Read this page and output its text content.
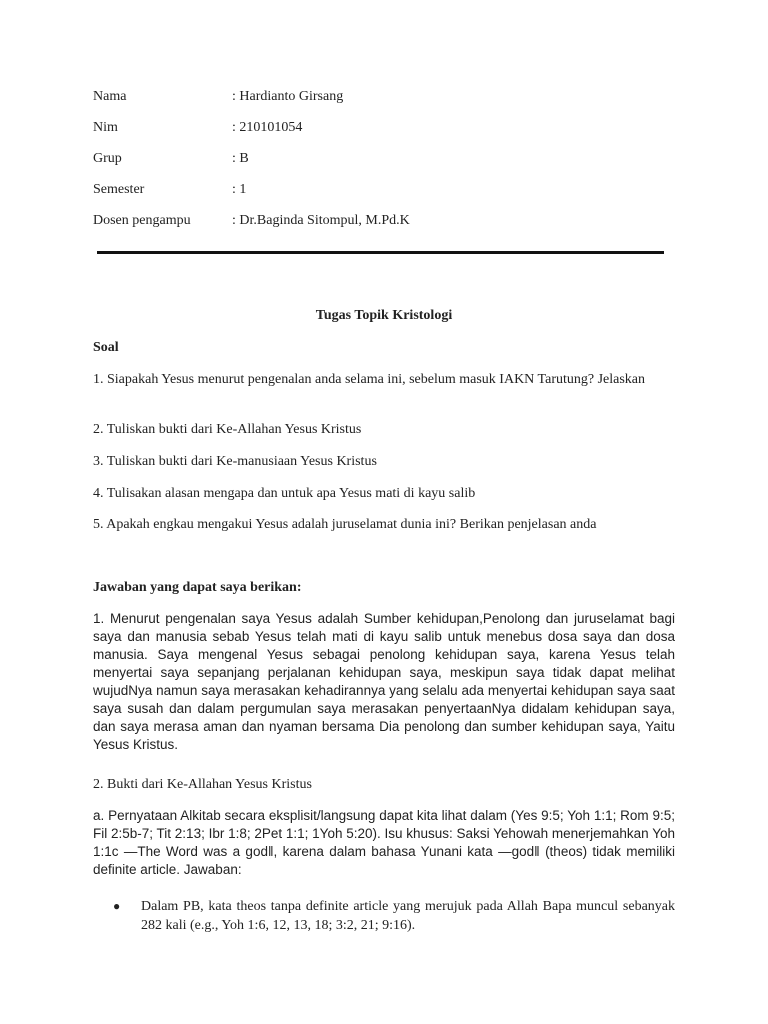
Nama	: Hardianto Girsang
Nim	: 210101054
Grup	: B
Semester	: 1
Dosen pengampu	: Dr.Baginda Sitompul, M.Pd.K
Tugas Topik Kristologi
Soal
1. Siapakah Yesus menurut pengenalan anda selama ini, sebelum masuk IAKN Tarutung? Jelaskan
2. Tuliskan bukti dari Ke-Allahan Yesus Kristus
3. Tuliskan bukti dari Ke-manusiaan Yesus Kristus
4. Tulisakan alasan mengapa dan untuk apa Yesus mati di kayu salib
5. Apakah engkau mengakui Yesus adalah juruselamat dunia ini? Berikan penjelasan anda
Jawaban yang dapat saya berikan:
1. Menurut pengenalan saya Yesus adalah Sumber kehidupan,Penolong dan juruselamat bagi saya dan manusia sebab Yesus telah mati di kayu salib untuk menebus dosa saya dan dosa manusia. Saya mengenal Yesus sebagai penolong kehidupan saya, karena Yesus telah menyertai saya sepanjang perjalanan kehidupan saya, meskipun saya tidak dapat melihat wujudNya namun saya merasakan kehadirannya yang selalu ada menyertai kehidupan saya saat saya susah dan dalam pergumulan saya merasakan penyertaanNya didalam kehidupan saya, dan saya merasa aman dan nyaman bersama Dia penolong dan sumber kehidupan saya, Yaitu Yesus Kristus.
2. Bukti dari Ke-Allahan Yesus Kristus
a. Pernyataan Alkitab secara eksplisit/langsung dapat kita lihat dalam (Yes 9:5; Yoh 1:1; Rom 9:5; Fil 2:5b-7; Tit 2:13; Ibr 1:8; 2Pet 1:1; 1Yoh 5:20). Isu khusus: Saksi Yehowah menerjemahkan Yoh 1:1c —The Word was a god‖, karena dalam bahasa Yunani kata —god‖ (theos) tidak memiliki definite article. Jawaban:
● Dalam PB, kata theos tanpa definite article yang merujuk pada Allah Bapa muncul sebanyak 282 kali (e.g., Yoh 1:6, 12, 13, 18; 3:2, 21; 9:16).
